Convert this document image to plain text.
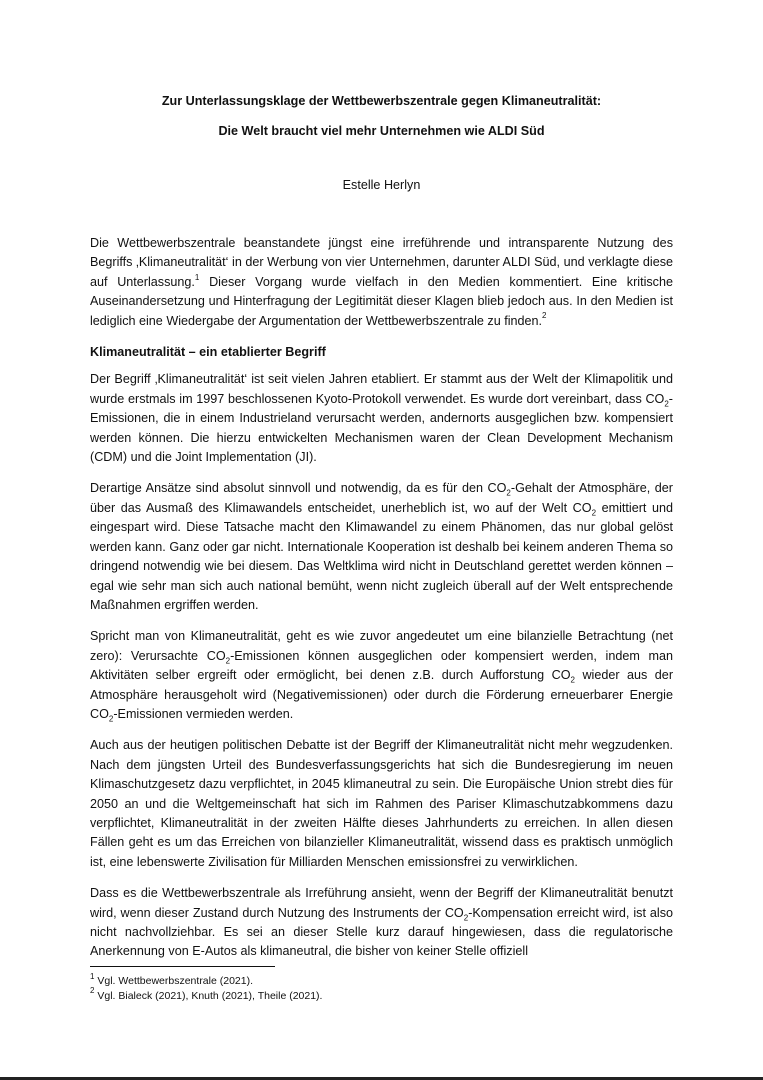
Zur Unterlassungsklage der Wettbewerbszentrale gegen Klimaneutralität:
Die Welt braucht viel mehr Unternehmen wie ALDI Süd
Estelle Herlyn

Die Wettbewerbszentrale beanstandete jüngst eine irreführende und intransparente Nutzung des Begriffs ‚Klimaneutralität‘ in der Werbung von vier Unternehmen, darunter ALDI Süd, und verklagte diese auf Unterlassung.$^1$ Dieser Vorgang wurde vielfach in den Medien kommentiert. Eine kritische Auseinandersetzung und Hinterfragung der Legitimität dieser Klagen blieb jedoch aus. In den Medien ist lediglich eine Wiedergabe der Argumentation der Wettbewerbszentrale zu finden.$^2$

Klimaneutralität – ein etablierter Begriff

Der Begriff ‚Klimaneutralität‘ ist seit vielen Jahren etabliert. Er stammt aus der Welt der Klimapolitik und wurde erstmals im 1997 beschlossenen Kyoto-Protokoll verwendet. Es wurde dort vereinbart, dass $CO_2$-Emissionen, die in einem Industrieland verursacht werden, andernorts ausgeglichen bzw. kompensiert werden können. Die hierzu entwickelten Mechanismen waren der Clean Development Mechanism (CDM) und die Joint Implementation (JI).

Derartige Ansätze sind absolut sinnvoll und notwendig, da es für den $CO_2$-Gehalt der Atmosphäre, der über das Ausmaß des Klimawandels entscheidet, unerheblich ist, wo auf der Welt $CO_2$ emittiert und eingespart wird. Diese Tatsache macht den Klimawandel zu einem Phänomen, das nur global gelöst werden kann. Ganz oder gar nicht. Internationale Kooperation ist deshalb bei keinem anderen Thema so dringend notwendig wie bei diesem. Das Weltklima wird nicht in Deutschland gerettet werden können – egal wie sehr man sich auch national bemüht, wenn nicht zugleich überall auf der Welt entsprechende Maßnahmen ergriffen werden.

Spricht man von Klimaneutralität, geht es wie zuvor angedeutet um eine bilanzielle Betrachtung (net zero): Verursachte $CO_2$-Emissionen können ausgeglichen oder kompensiert werden, indem man Aktivitäten selber ergreift oder ermöglicht, bei denen z.B. durch Aufforstung $CO_2$ wieder aus der Atmosphäre herausgeholt wird (Negativemissionen) oder durch die Förderung erneuerbarer Energie $CO_2$-Emissionen vermieden werden.

Auch aus der heutigen politischen Debatte ist der Begriff der Klimaneutralität nicht mehr wegzudenken. Nach dem jüngsten Urteil des Bundesverfassungsgerichts hat sich die Bundesregierung im neuen Klimaschutzgesetz dazu verpflichtet, in 2045 klimaneutral zu sein. Die Europäische Union strebt dies für 2050 an und die Weltgemeinschaft hat sich im Rahmen des Pariser Klimaschutzabkommens dazu verpflichtet, Klimaneutralität in der zweiten Hälfte dieses Jahrhunderts zu erreichen. In allen diesen Fällen geht es um das Erreichen von bilanzieller Klimaneutralität, wissend dass es praktisch unmöglich ist, eine lebenswerte Zivilisation für Milliarden Menschen emissionsfrei zu verwirklichen.

Dass es die Wettbewerbszentrale als Irreführung ansieht, wenn der Begriff der Klimaneutralität benutzt wird, wenn dieser Zustand durch Nutzung des Instruments der $CO_2$-Kompensation erreicht wird, ist also nicht nachvollziehbar. Es sei an dieser Stelle kurz darauf hingewiesen, dass die regulatorische Anerkennung von E-Autos als klimaneutral, die bisher von keiner Stelle offiziell

$^1$ Vgl. Wettbewerbszentrale (2021).
$^2$ Vgl. Bialeck (2021), Knuth (2021), Theile (2021).
